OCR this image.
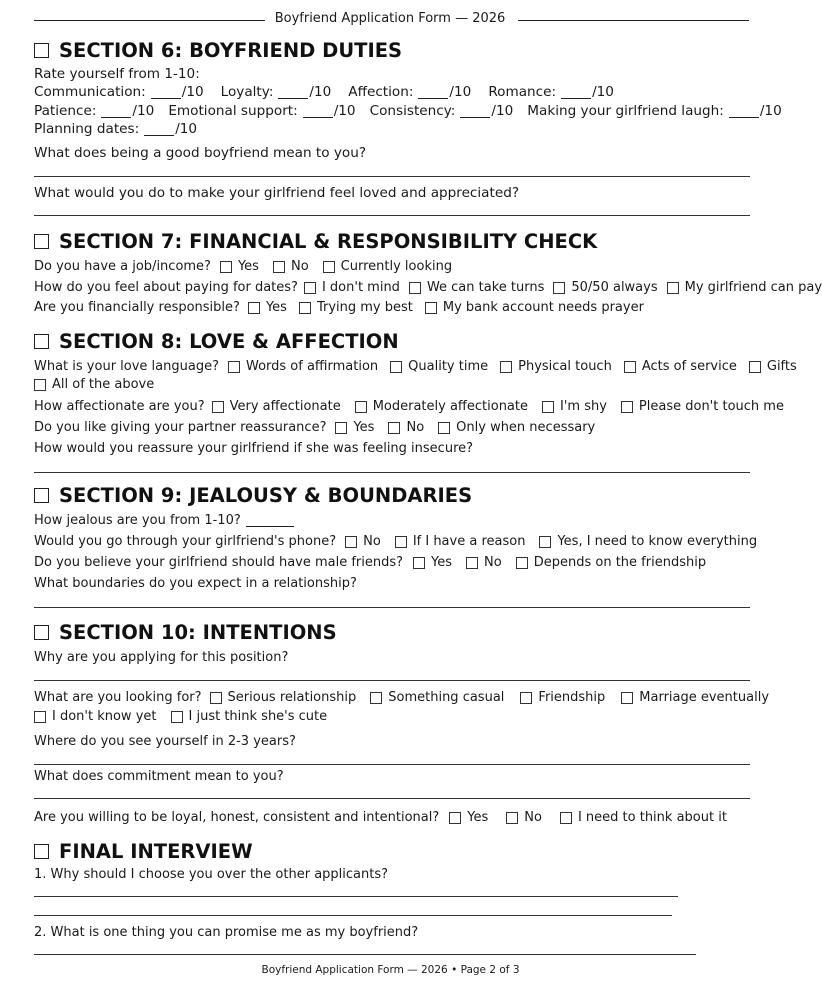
Boyfriend Application Form — 2026
SECTION 6: BOYFRIEND DUTIES
Rate yourself from 1-10:
Communication:	/10 Loyalty:	/10 Affection:	/10 Romance:	/10
Patience:	/10 Emotional support:	/10 Consistency:	/10 Making your girlfriend laugh:	/10
Planning dates:	/10
What does being a good boyfriend mean to you?
What would you do to make your girlfriend feel loved and appreciated?
SECTION 7: FINANCIAL & RESPONSIBILITY CHECK
Do you have a job/income? Yes No Currently looking
How do you feel about paying for dates? I don't mind We can take turns 50/50 always My girlfriend can pay
Are you financially responsible? Yes Trying my best My bank account needs prayer
SECTION 8: LOVE & AFFECTION
What is your love language? Words of affirmation Quality time Physical touch Acts of service Gifts
All of the above
How affectionate are you? Very affectionate Moderately affectionate I'm shy Please don't touch me
Do you like giving your partner reassurance? Yes No Only when necessary
How would you reassure your girlfriend if she was feeling insecure?
SECTION 9: JEALOUSY & BOUNDARIES
How jealous are you from 1-10?
Would you go through your girlfriend's phone? No If I have a reason Yes, I need to know everything
Do you believe your girlfriend should have male friends? Yes No Depends on the friendship
What boundaries do you expect in a relationship?
SECTION 10: INTENTIONS
Why are you applying for this position?
What are you looking for? Serious relationship Something casual	Friendship	Marriage eventually
I don't know yet I just think she's cute
Where do you see yourself in 2-3 years?
What does commitment mean to you?
Are you willing to be loyal, honest, consistent and intentional? Yes	No	I need to think about it
FINAL INTERVIEW
1. Why should I choose you over the other applicants?
2. What is one thing you can promise me as my boyfriend?
Boyfriend Application Form — 2026 • Page 2 of 3
